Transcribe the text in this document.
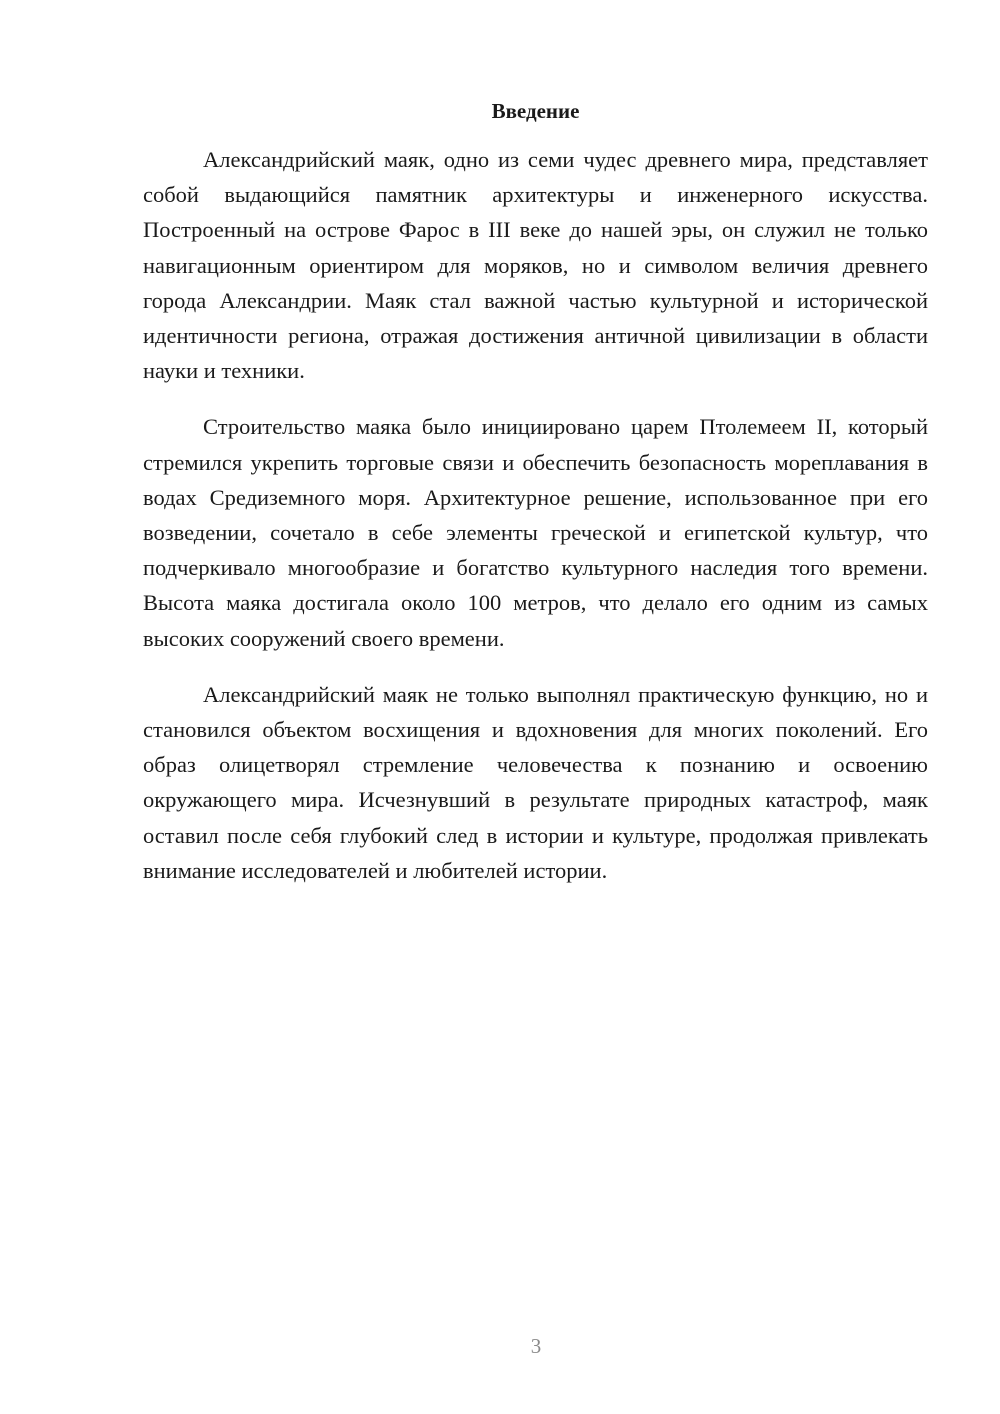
Введение

Александрийский маяк, одно из семи чудес древнего мира, представляет собой выдающийся памятник архитектуры и инженерного искусства. Построенный на острове Фарос в III веке до нашей эры, он служил не только навигационным ориентиром для моряков, но и символом величия древнего города Александрии. Маяк стал важной частью культурной и исторической идентичности региона, отражая достижения античной цивилизации в области науки и техники.

Строительство маяка было инициировано царем Птолемеем II, который стремился укрепить торговые связи и обеспечить безопасность мореплавания в водах Средиземного моря. Архитектурное решение, использованное при его возведении, сочетало в себе элементы греческой и египетской культур, что подчеркивало многообразие и богатство культурного наследия того времени. Высота маяка достигала около 100 метров, что делало его одним из самых высоких сооружений своего времени.

Александрийский маяк не только выполнял практическую функцию, но и становился объектом восхищения и вдохновения для многих поколений. Его образ олицетворял стремление человечества к познанию и освоению окружающего мира. Исчезнувший в результате природных катастроф, маяк оставил после себя глубокий след в истории и культуре, продолжая привлекать внимание исследователей и любителей истории.

3
